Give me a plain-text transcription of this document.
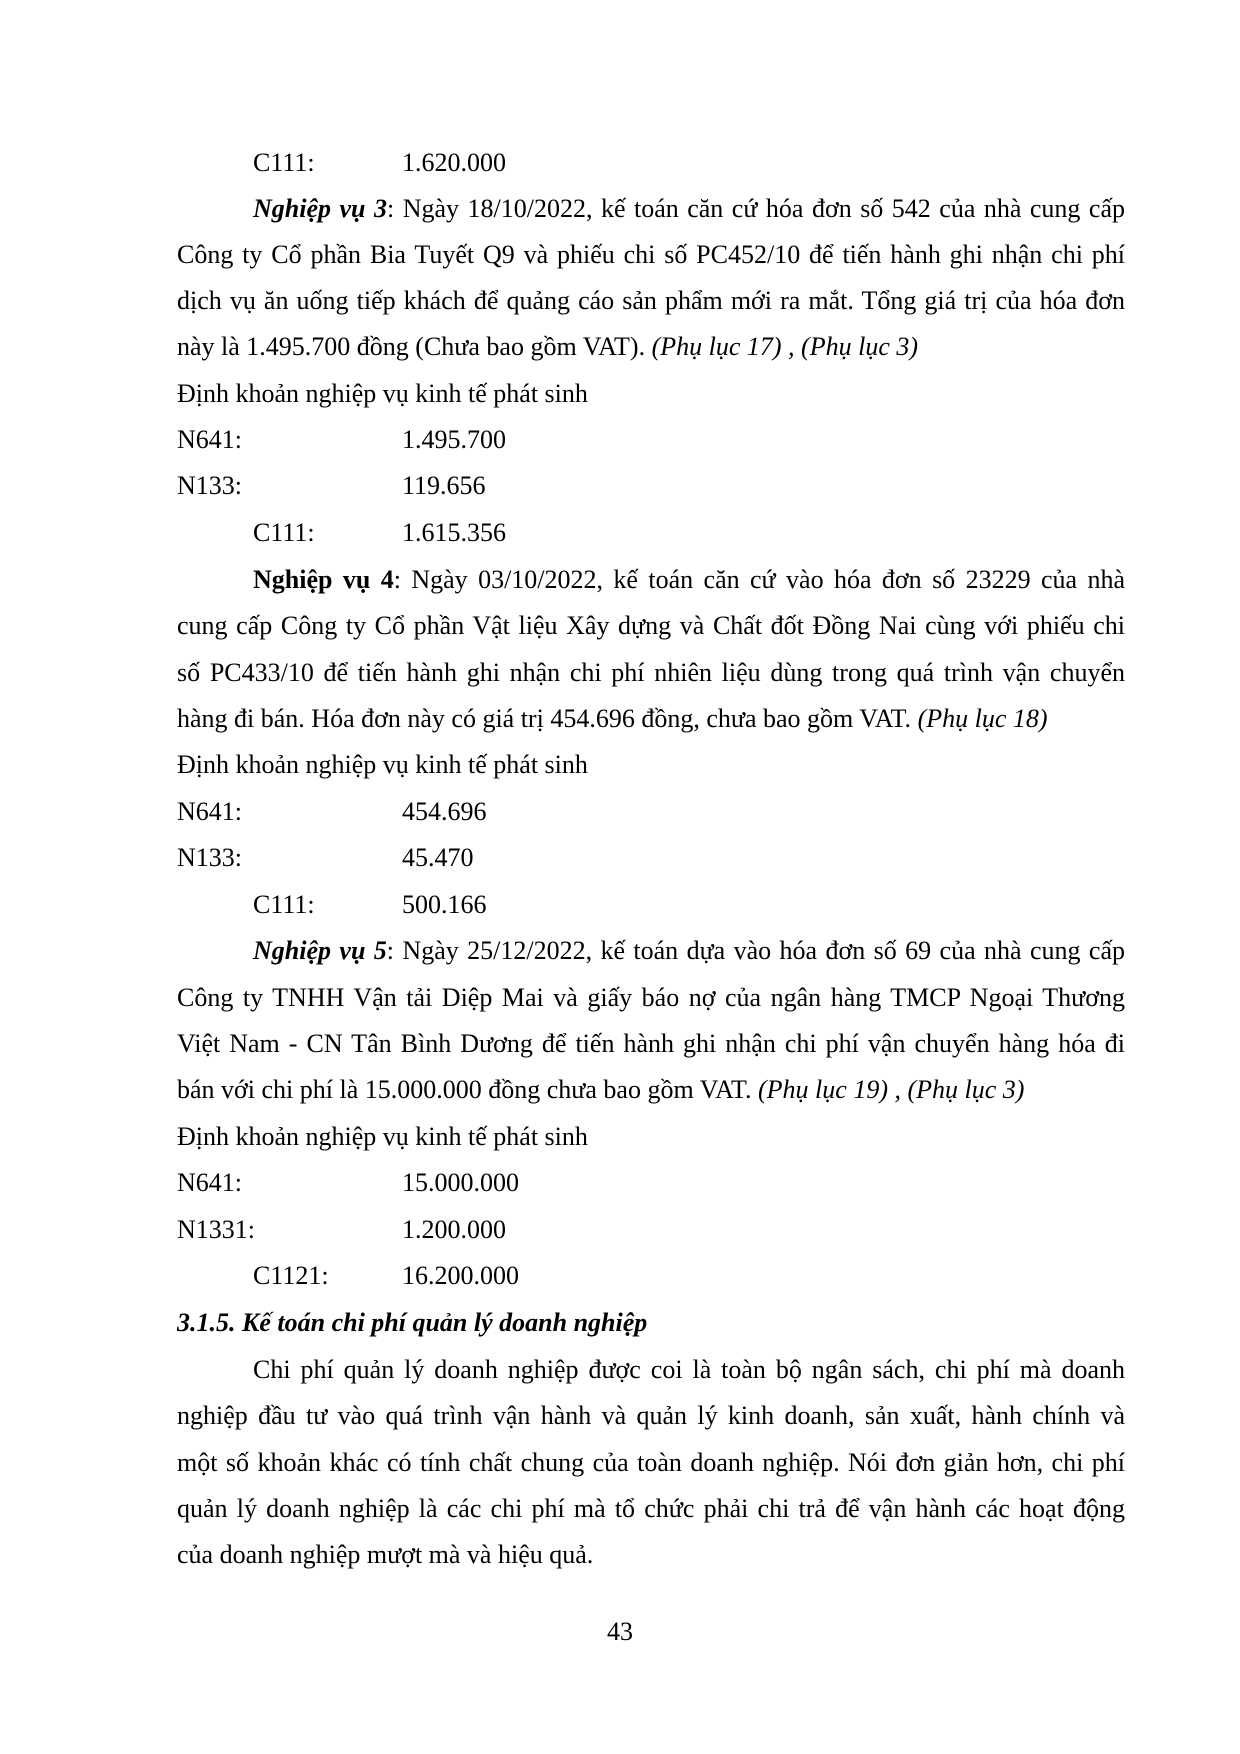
C111:	1.620.000
Nghiệp vụ 3: Ngày 18/10/2022, kế toán căn cứ hóa đơn số 542 của nhà cung cấp
Công ty Cổ phần Bia Tuyết Q9 và phiếu chi số PC452/10 để tiến hành ghi nhận chi phí
dịch vụ ăn uống tiếp khách để quảng cáo sản phẩm mới ra mắt. Tổng giá trị của hóa đơn
này là 1.495.700 đồng (Chưa bao gồm VAT). (Phụ lục 17) , (Phụ lục 3)
Định khoản nghiệp vụ kinh tế phát sinh
N641:	1.495.700
N133:	119.656
C111:	1.615.356
Nghiệp vụ 4: Ngày 03/10/2022, kế toán căn cứ vào hóa đơn số 23229 của nhà
cung cấp Công ty Cổ phần Vật liệu Xây dựng và Chất đốt Đồng Nai cùng với phiếu chi
số PC433/10 để tiến hành ghi nhận chi phí nhiên liệu dùng trong quá trình vận chuyển
hàng đi bán. Hóa đơn này có giá trị 454.696 đồng, chưa bao gồm VAT. (Phụ lục 18)
Định khoản nghiệp vụ kinh tế phát sinh
N641:	454.696
N133:	45.470
C111:	500.166
Nghiệp vụ 5: Ngày 25/12/2022, kế toán dựa vào hóa đơn số 69 của nhà cung cấp
Công ty TNHH Vận tải Diệp Mai và giấy báo nợ của ngân hàng TMCP Ngoại Thương
Việt Nam - CN Tân Bình Dương để tiến hành ghi nhận chi phí vận chuyển hàng hóa đi
bán với chi phí là 15.000.000 đồng chưa bao gồm VAT. (Phụ lục 19) , (Phụ lục 3)
Định khoản nghiệp vụ kinh tế phát sinh
N641:	15.000.000
N1331:	1.200.000
C1121:	16.200.000
3.1.5. Kế toán chi phí quản lý doanh nghiệp
Chi phí quản lý doanh nghiệp được coi là toàn bộ ngân sách, chi phí mà doanh
nghiệp đầu tư vào quá trình vận hành và quản lý kinh doanh, sản xuất, hành chính và
một số khoản khác có tính chất chung của toàn doanh nghiệp. Nói đơn giản hơn, chi phí
quản lý doanh nghiệp là các chi phí mà tổ chức phải chi trả để vận hành các hoạt động
của doanh nghiệp mượt mà và hiệu quả.
43
